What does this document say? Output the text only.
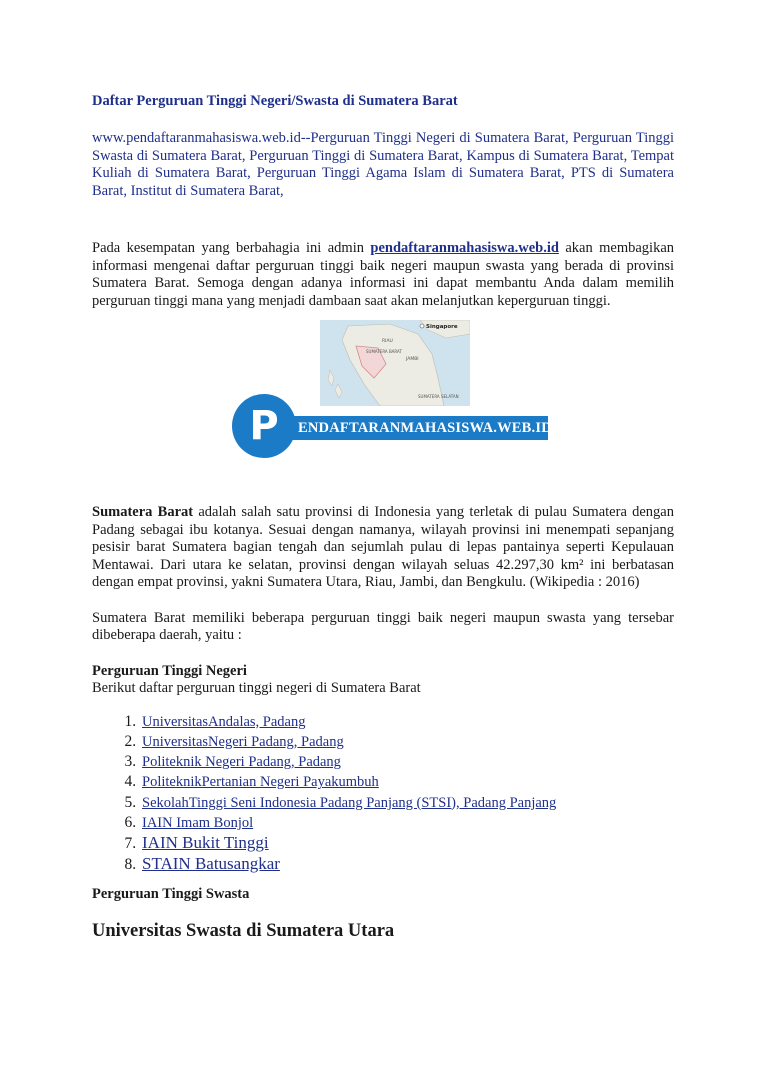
Daftar Perguruan Tinggi Negeri/Swasta di Sumatera Barat

www.pendaftaranmahasiswa.web.id--Perguruan Tinggi Negeri di Sumatera Barat, Perguruan Tinggi Swasta di Sumatera Barat, Perguruan Tinggi di Sumatera Barat, Kampus di Sumatera Barat, Tempat Kuliah di Sumatera Barat, Perguruan Tinggi Agama Islam di Sumatera Barat, PTS di Sumatera Barat, Institut di Sumatera Barat,

Pada kesempatan yang berbahagia ini admin pendaftaranmahasiswa.web.id akan membagikan informasi mengenai daftar perguruan tinggi baik negeri maupun swasta yang berada di provinsi Sumatera Barat. Semoga dengan adanya informasi ini dapat membantu Anda dalam memilih perguruan tinggi mana yang menjadi dambaan saat akan melanjutkan keperguruan tinggi.

Singapore
RIAU
SUMATERA BARAT
JAMBI
SUMATERA SELATAN
ENDAFTARANMAHASISWA.WEB.ID
P

Sumatera Barat adalah salah satu provinsi di Indonesia yang terletak di pulau Sumatera dengan Padang sebagai ibu kotanya. Sesuai dengan namanya, wilayah provinsi ini menempati sepanjang pesisir barat Sumatera bagian tengah dan sejumlah pulau di lepas pantainya seperti Kepulauan Mentawai. Dari utara ke selatan, provinsi dengan wilayah seluas 42.297,30 km² ini berbatasan dengan empat provinsi, yakni Sumatera Utara, Riau, Jambi, dan Bengkulu. (Wikipedia : 2016)

Sumatera Barat memiliki beberapa perguruan tinggi baik negeri maupun swasta yang tersebar dibeberapa daerah, yaitu :

Perguruan Tinggi Negeri

Berikut daftar perguruan tinggi negeri di Sumatera Barat

1. UniversitasAndalas, Padang
2. UniversitasNegeri Padang, Padang
3. Politeknik Negeri Padang, Padang
4. PoliteknikPertanian Negeri Payakumbuh
5. SekolahTinggi Seni Indonesia Padang Panjang (STSI), Padang Panjang
6. IAIN Imam Bonjol
7. IAIN Bukit Tinggi
8. STAIN Batusangkar

Perguruan Tinggi Swasta

Universitas Swasta di Sumatera Utara
